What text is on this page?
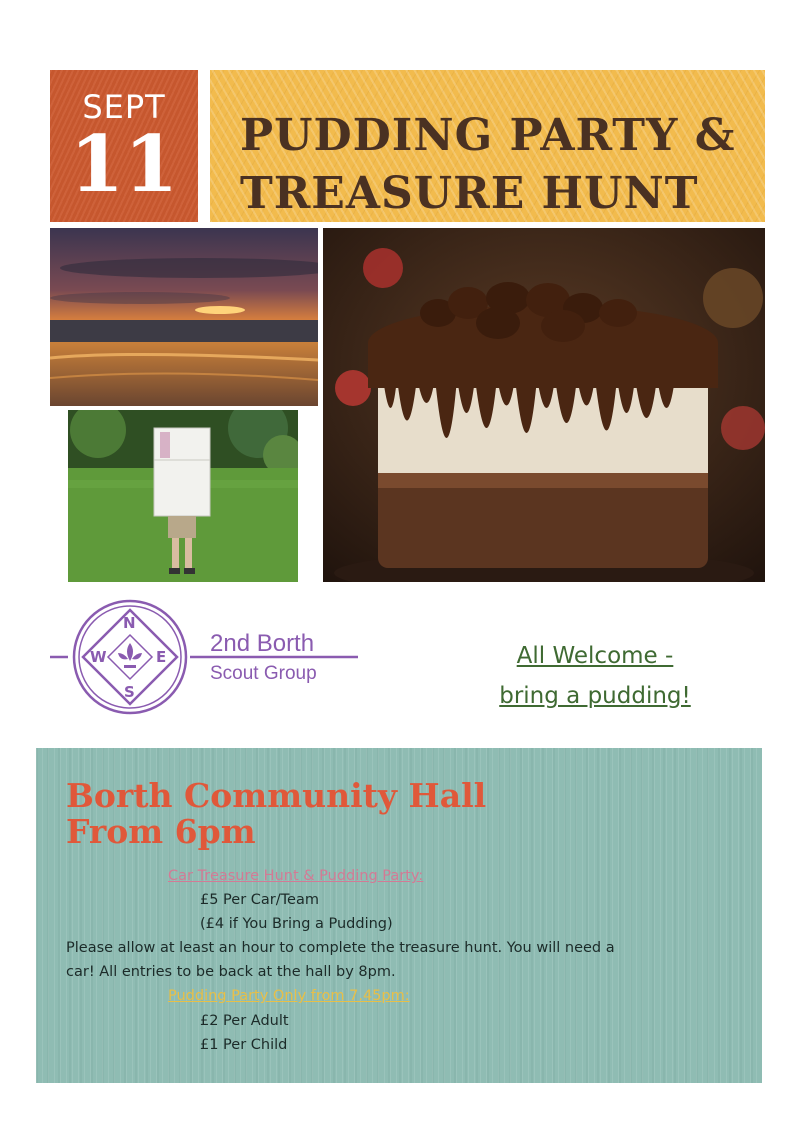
SEPT
11	PUDDING PARTY &
TREASURE HUNT
N
W	E
S
2nd Borth
Scout Group
All Welcome -
bring a pudding!
Borth Community Hall
From 6pm
Car Treasure Hunt & Pudding Party:
£5 Per Car/Team
(£4 if You Bring a Pudding)
Please allow at least an hour to complete the treasure hunt. You will need a
car! All entries to be back at the hall by 8pm.
Pudding Party Only from 7.45pm:
£2 Per Adult
£1 Per Child
